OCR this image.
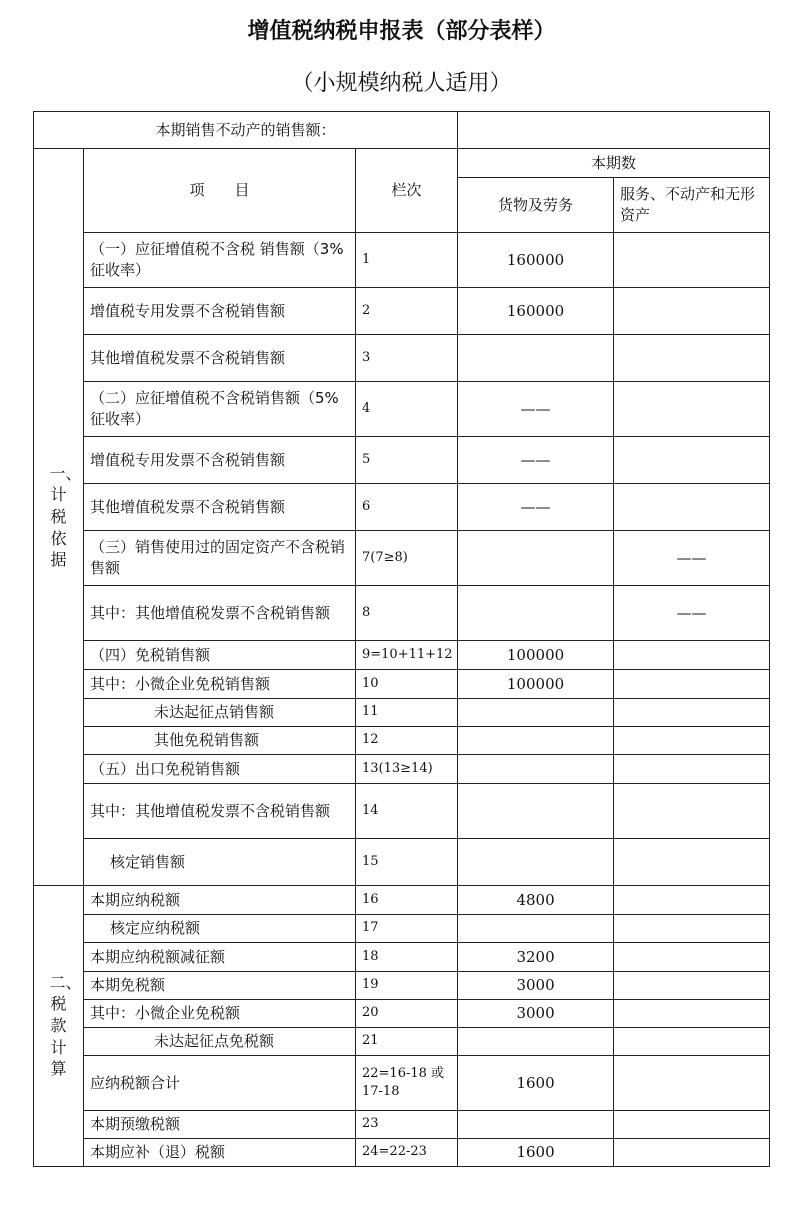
增值税纳税申报表（部分表样）
（小规模纳税人适用）
本期销售不动产的销售额：				
一、计税依据	项　　目	栏次	本期数	
			货物及劳务	服务、不动产和无形资产
	（一）应征增值税不含税 销售额（3%征收率）	1	160000	
	增值税专用发票不含税销售额	2	160000	
	其他增值税发票不含税销售额	3		
	（二）应征增值税不含税销售额（5%征收率）	4	——	
	增值税专用发票不含税销售额	5	——	
	其他增值税发票不含税销售额	6	——	
	（三）销售使用过的固定资产不含税销售额	7(7≥8)		——
	其中：其他增值税发票不含税销售额	8		——
	（四）免税销售额	9=10+11+12	100000	
	其中：小微企业免税销售额	10	100000	
	未达起征点销售额	11		
	其他免税销售额	12		
	（五）出口免税销售额	13(13≥14)		
	其中：其他增值税发票不含税销售额	14		
	核定销售额	15		
二、税款计算	本期应纳税额	16	4800	
	核定应纳税额	17		
	本期应纳税额减征额	18	3200	
	本期免税额	19	3000	
	其中：小微企业免税额	20	3000	
	未达起征点免税额	21		
	应纳税额合计	22=16-18 或 17-18	1600	
	本期预缴税额	23		
	本期应补（退）税额	24=22-23	1600	
